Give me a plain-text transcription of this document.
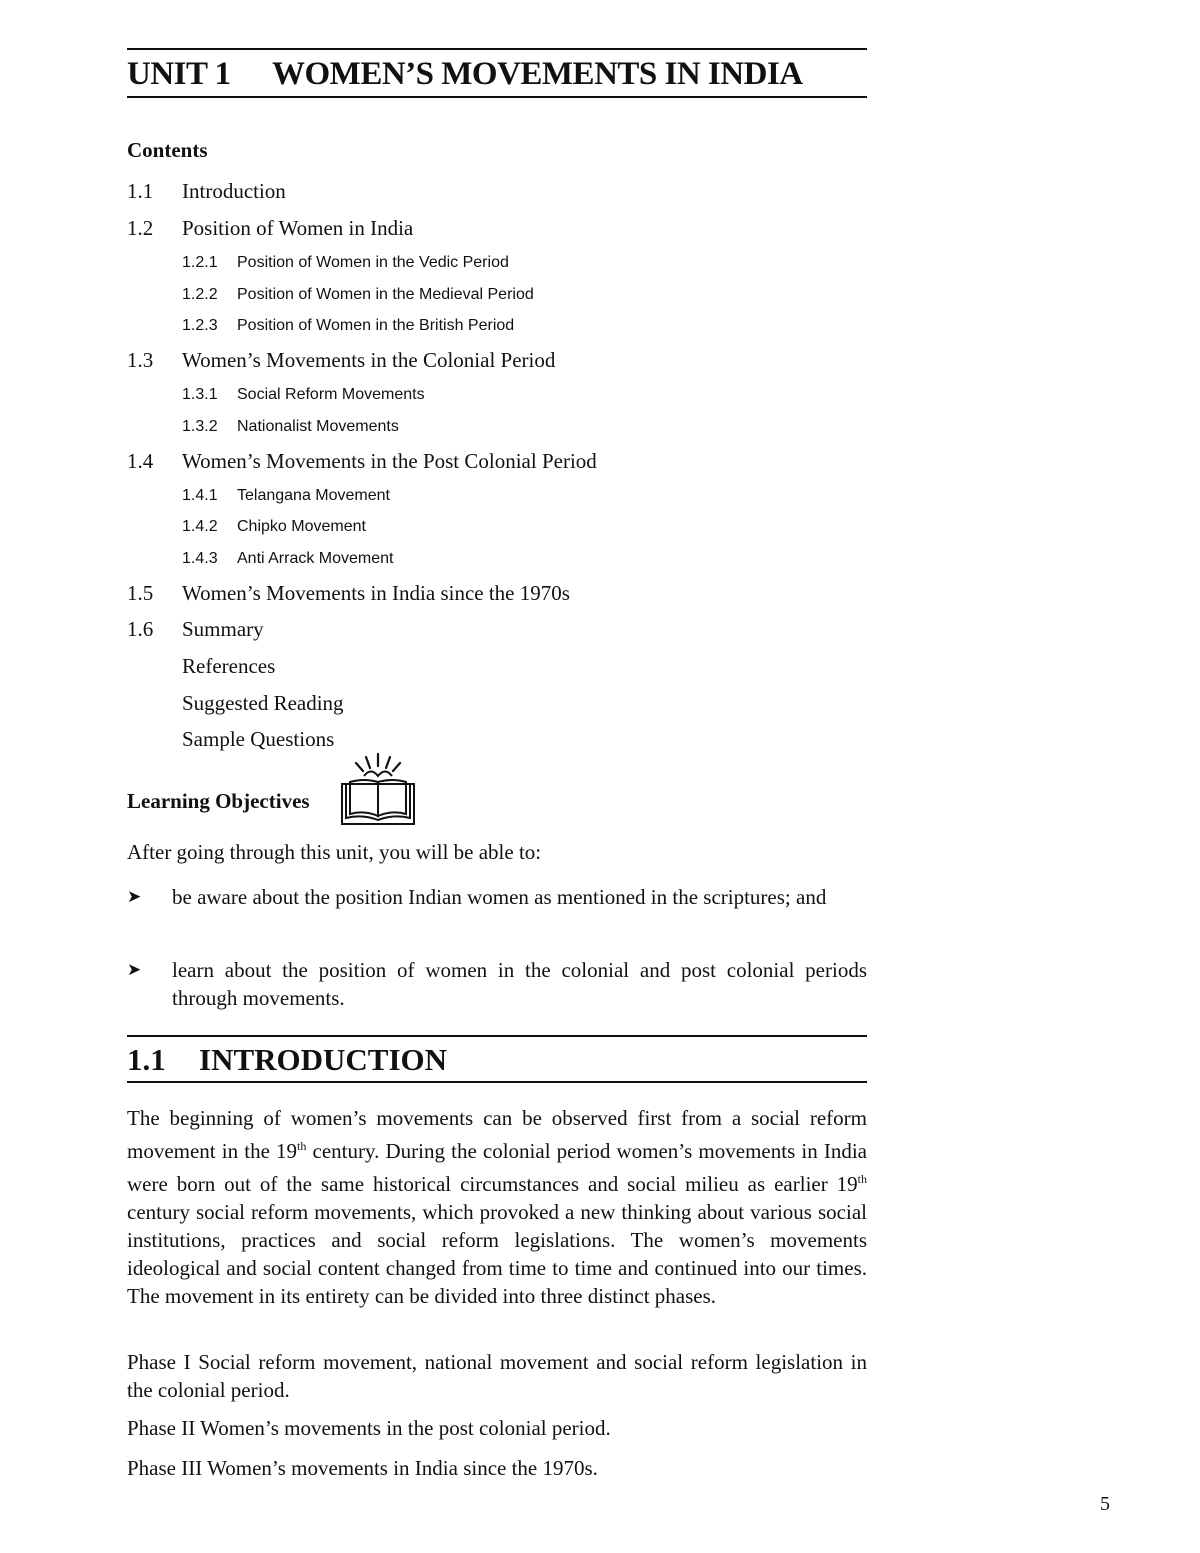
UNIT 1 WOMEN’S MOVEMENTS IN INDIA
Contents
1.1 Introduction
1.2 Position of Women in India
1.2.1 Position of Women in the Vedic Period
1.2.2 Position of Women in the Medieval Period
1.2.3 Position of Women in the British Period
1.3 Women’s Movements in the Colonial Period
1.3.1 Social Reform Movements
1.3.2 Nationalist Movements
1.4 Women’s Movements in the Post Colonial Period
1.4.1 Telangana Movement
1.4.2 Chipko Movement
1.4.3 Anti Arrack Movement
1.5 Women’s Movements in India since the 1970s
1.6 Summary
References
Suggested Reading
Sample Questions
Learning Objectives
After going through this unit, you will be able to:
➤ be aware about the position Indian women as mentioned in the scriptures; and
➤ learn about the position of women in the colonial and post colonial periods through movements.
1.1 INTRODUCTION
The beginning of women’s movements can be observed first from a social reform movement in the 19th century. During the colonial period women’s movements in India were born out of the same historical circumstances and social milieu as earlier 19th century social reform movements, which provoked a new thinking about various social institutions, practices and social reform legislations. The women’s movements ideological and social content changed from time to time and continued into our times. The movement in its entirety can be divided into three distinct phases.
Phase I Social reform movement, national movement and social reform legislation in the colonial period.
Phase II Women’s movements in the post colonial period.
Phase III Women’s movements in India since the 1970s.
5
